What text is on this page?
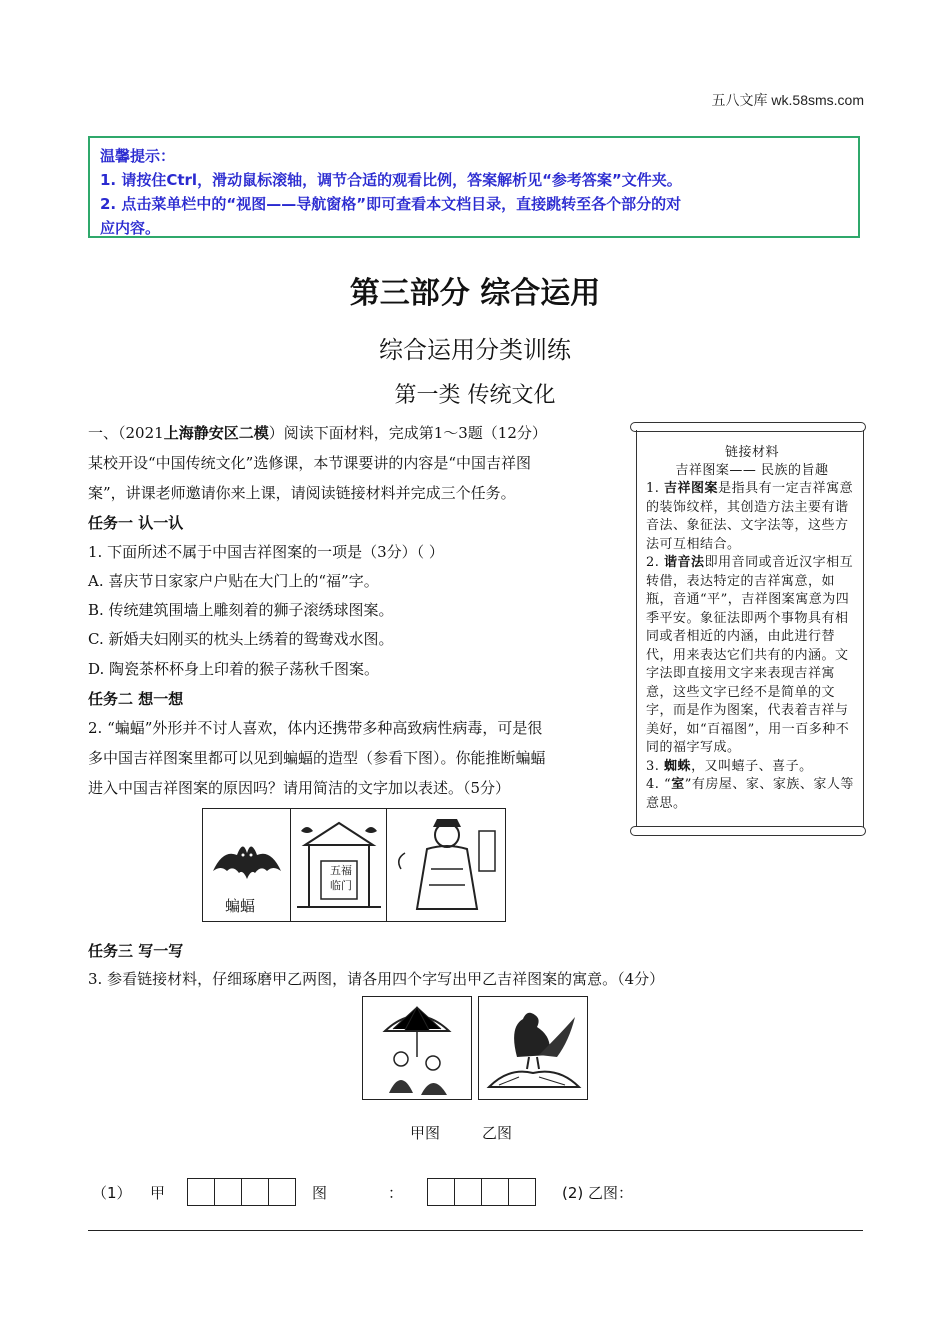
五八文库 wk.58sms.com
温馨提示：
1. 请按住Ctrl，滑动鼠标滚轴，调节合适的观看比例，答案解析见“参考答案”文件夹。
2. 点击菜单栏中的“视图——导航窗格”即可查看本文档目录，直接跳转至各个部分的对
应内容。
第三部分 综合运用
综合运用分类训练
第一类 传统文化
一、（2021上海静安区二模）阅读下面材料，完成第1～3题（12分）
某校开设“中国传统文化”选修课，本节课要讲的内容是“中国吉祥图
案”，讲课老师邀请你来上课，请阅读链接材料并完成三个任务。
任务一 认一认
1. 下面所述不属于中国吉祥图案的一项是（3分）（ ）
A. 喜庆节日家家户户贴在大门上的“福”字。
B. 传统建筑围墙上雕刻着的狮子滚绣球图案。
C. 新婚夫妇刚买的枕头上绣着的鸳鸯戏水图。
D. 陶瓷茶杯杯身上印着的猴子荡秋千图案。
任务二 想一想
2. “蝙蝠”外形并不讨人喜欢，体内还携带多种高致病性病毒，可是很
多中国吉祥图案里都可以见到蝙蝠的造型（参看下图）。你能推断蝙蝠
进入中国吉祥图案的原因吗？请用简洁的文字加以表述。（5分）
蝙蝠
五福
临门
任务三 写一写
3. 参看链接材料，仔细琢磨甲乙两图，请各用四个字写出甲乙吉祥图案的寓意。（4分）
甲图	乙图
（1） 甲	图	：	(2) 乙图：
链接材料
吉祥图案—— 民族的旨趣
1. 吉祥图案是指具有一定吉祥寓意的装饰纹样，其创造方法主要有谐音法、象征法、文字法等，这些方法可互相结合。
2. 谐音法即用音同或音近汉字相互转借，表达特定的吉祥寓意，如瓶，音通“平”，吉祥图案寓意为四季平安。象征法即两个事物具有相同或者相近的内涵，由此进行替代，用来表达它们共有的内涵。文字法即直接用文字来表现吉祥寓意，这些文字已经不是简单的文字，而是作为图案，代表着吉祥与美好，如“百福图”，用一百多种不同的福字写成。
3. 蜘蛛，又叫蟢子、喜子。
4. “室”有房屋、家、家族、家人等意思。
